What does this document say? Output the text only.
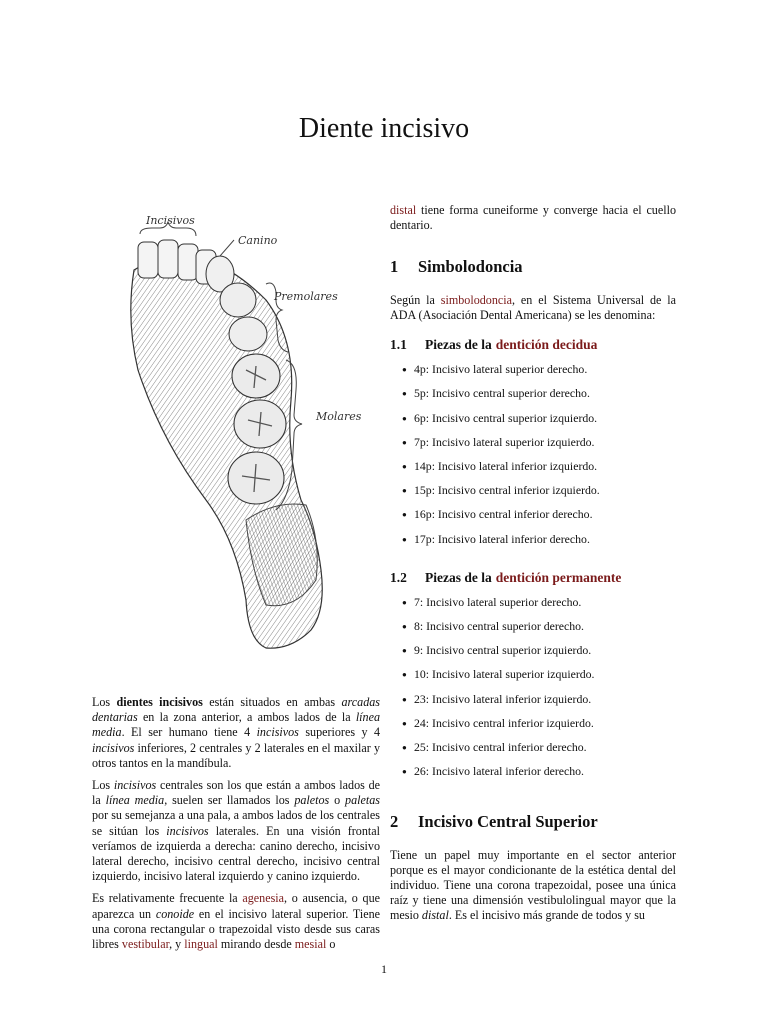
Diente incisivo
Incisivos
Canino
Premolares
Molares

Los dientes incisivos están situados en ambas arcadas dentarias en la zona anterior, a ambos lados de la línea media. El ser humano tiene 4 incisivos superiores y 4 incisivos inferiores, 2 centrales y 2 laterales en el maxilar y otros tantos en la mandíbula.

Los incisivos centrales son los que están a ambos lados de la línea media, suelen ser llamados los paletos o paletas por su semejanza a una pala, a ambos lados de los centrales se sitúan los incisivos laterales. En una visión frontal veríamos de izquierda a derecha: canino derecho, incisivo lateral derecho, incisivo central derecho, incisivo central izquierdo, incisivo lateral izquierdo y canino izquierdo.

Es relativamente frecuente la agenesia, o ausencia, o que aparezca un conoide en el incisivo lateral superior. Tiene una corona rectangular o trapezoidal visto desde sus caras libres vestibular, y lingual mirando desde mesial o

distal tiene forma cuneiforme y converge hacia el cuello dentario.

1	Simbolodoncia

Según la simbolodoncia, en el Sistema Universal de la ADA (Asociación Dental Americana) se les denomina:

1.1	Piezas de la dentición decidua
● 4p: Incisivo lateral superior derecho.
● 5p: Incisivo central superior derecho.
● 6p: Incisivo central superior izquierdo.
● 7p: Incisivo lateral superior izquierdo.
● 14p: Incisivo lateral inferior izquierdo.
● 15p: Incisivo central inferior izquierdo.
● 16p: Incisivo central inferior derecho.
● 17p: Incisivo lateral inferior derecho.
1.2	Piezas de la dentición permanente
● 7: Incisivo lateral superior derecho.
● 8: Incisivo central superior derecho.
● 9: Incisivo central superior izquierdo.
● 10: Incisivo lateral superior izquierdo.
● 23: Incisivo lateral inferior izquierdo.
● 24: Incisivo central inferior izquierdo.
● 25: Incisivo central inferior derecho.
● 26: Incisivo lateral inferior derecho.
2	Incisivo Central Superior

Tiene un papel muy importante en el sector anterior porque es el mayor condicionante de la estética dental del individuo. Tiene una corona trapezoidal, posee una única raíz y tiene una dimensión vestibulolingual mayor que la mesio distal. Es el incisivo más grande de todos y su

1
